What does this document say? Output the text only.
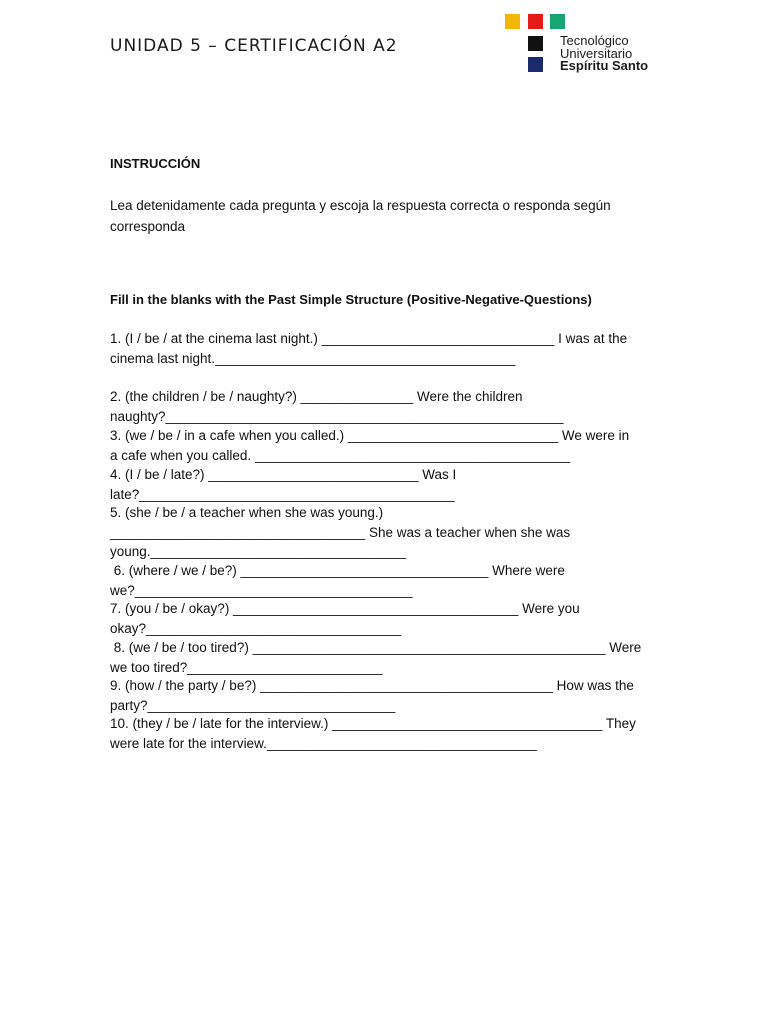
UNIDAD 5 – CERTIFICACIÓN A2	Tecnológico
Universitario
Espíritu Santo
INSTRUCCIÓN
Lea detenidamente cada pregunta y escoja la respuesta correcta o responda según corresponda
Fill in the blanks with the Past Simple Structure (Positive-Negative-Questions)
1. (I / be / at the cinema last night.) _______________________________ I was at the
cinema last night.________________________________________
2. (the children / be / naughty?) _______________ Were the children
naughty?_____________________________________________________
3. (we / be / in a cafe when you called.) ____________________________ We were in
a cafe when you called. __________________________________________
4. (I / be / late?) ____________________________ Was I
late?__________________________________________
5. (she / be / a teacher when she was young.)
__________________________________ She was a teacher when she was
young.__________________________________
6. (where / we / be?) _________________________________ Where were
we?_____________________________________
7. (you / be / okay?) ______________________________________ Were you
okay?__________________________________
8. (we / be / too tired?) _______________________________________________ Were
we too tired?__________________________
9. (how / the party / be?) _______________________________________ How was the
party?_________________________________
10. (they / be / late for the interview.) ____________________________________ They
were late for the interview.____________________________________
